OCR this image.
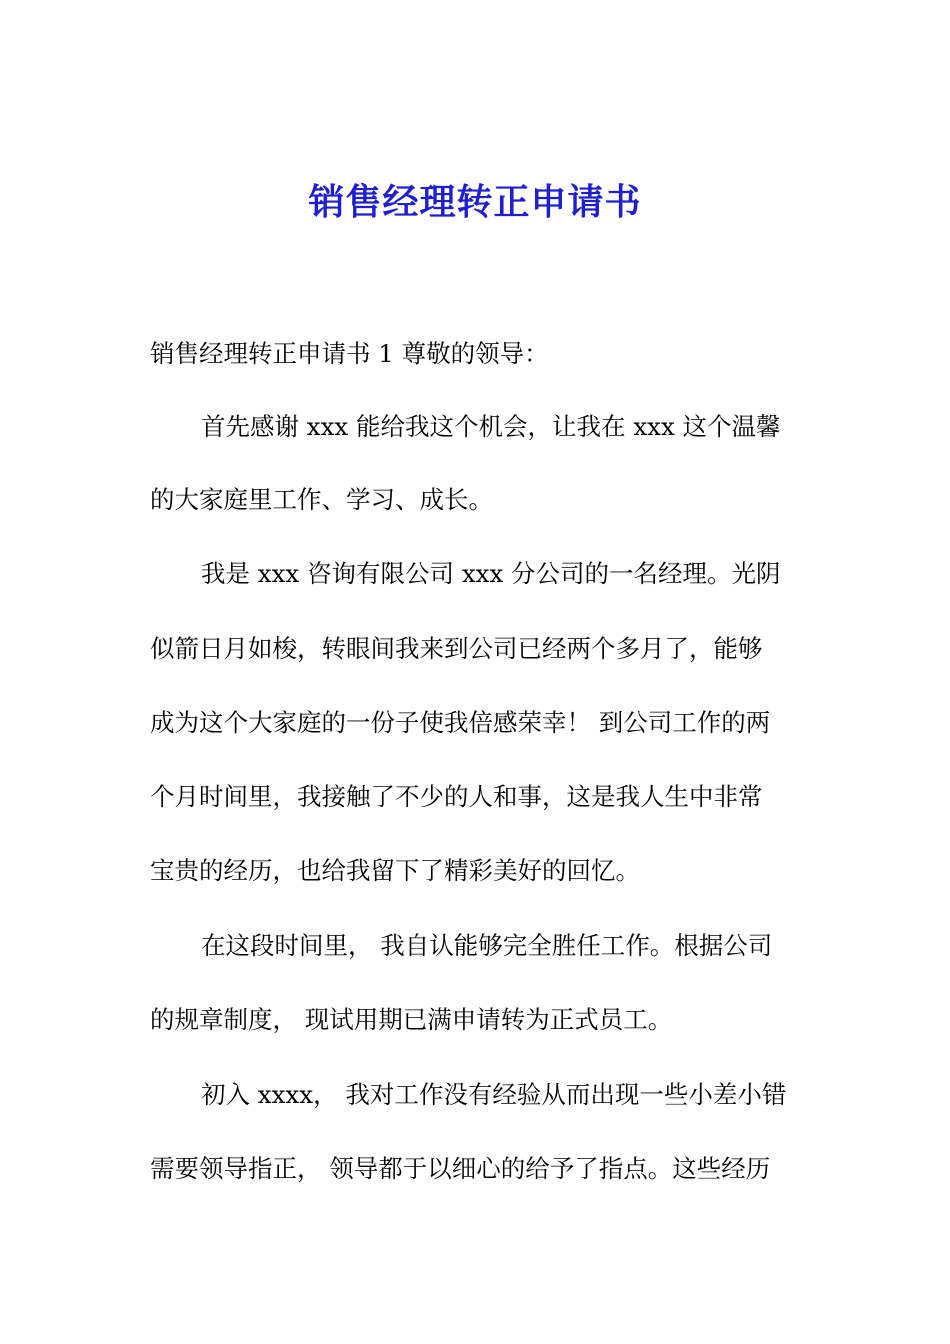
销售经理转正申请书
销售经理转正申请书 1 尊敬的领导：
首先感谢 xxx 能给我这个机会，让我在 xxx 这个温馨
的大家庭里工作、学习、成长。
我是 xxx 咨询有限公司 xxx 分公司的一名经理。光阴
似箭日月如梭，转眼间我来到公司已经两个多月了，能够
成为这个大家庭的一份子使我倍感荣幸！ 到公司工作的两
个月时间里，我接触了不少的人和事，这是我人生中非常
宝贵的经历，也给我留下了精彩美好的回忆。
在这段时间里， 我自认能够完全胜任工作。根据公司
的规章制度， 现试用期已满申请转为正式员工。
初入 xxxx， 我对工作没有经验从而出现一些小差小错
需要领导指正， 领导都于以细心的给予了指点。这些经历
